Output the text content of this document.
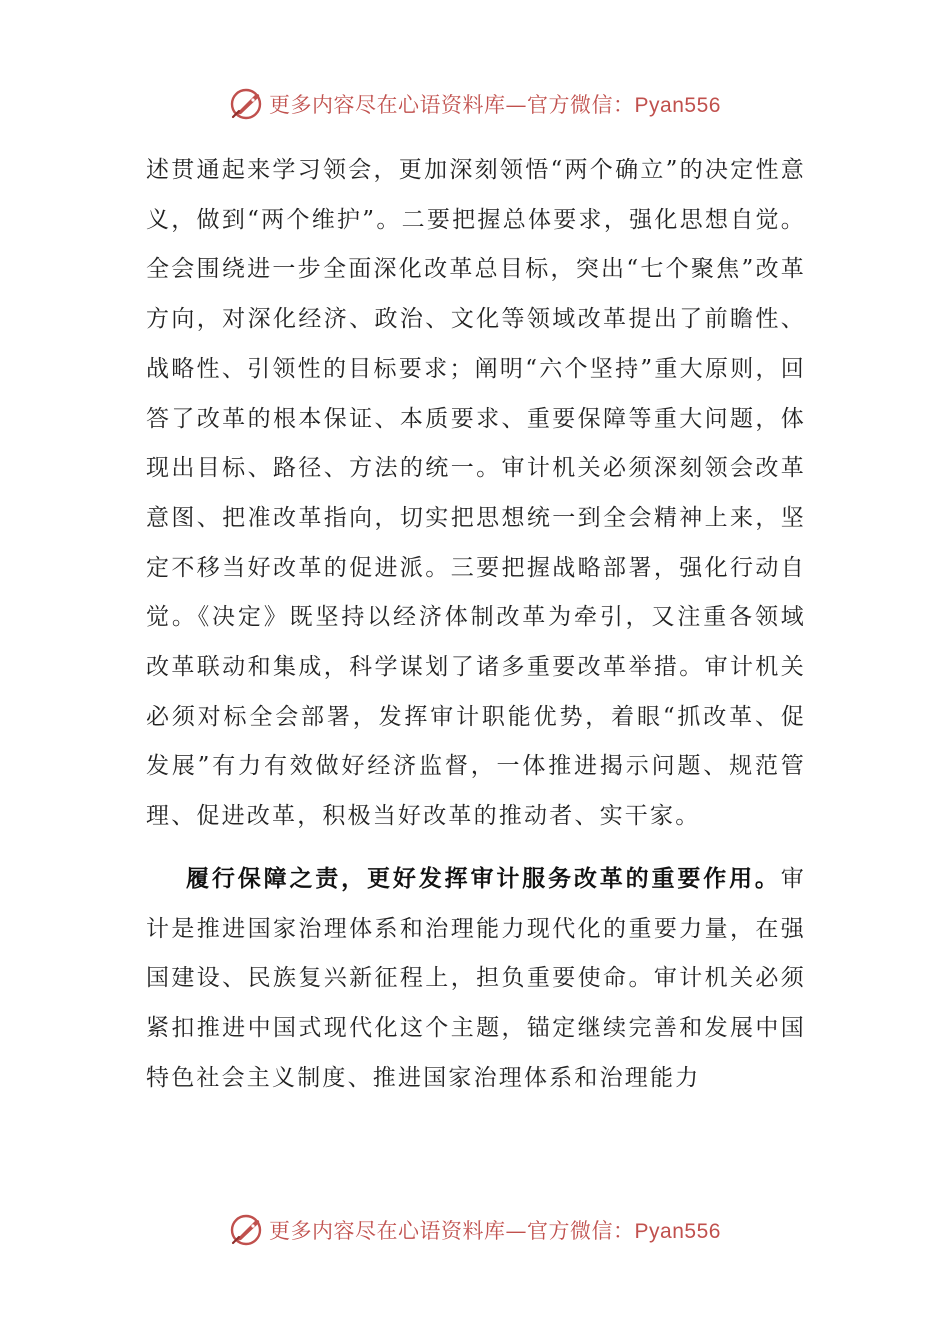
更多内容尽在心语资料库—官方微信：Pyan556

述贯通起来学习领会，更加深刻领悟“两个确立”的决定性意义，做到“两个维护”。二要把握总体要求，强化思想自觉。全会围绕进一步全面深化改革总目标，突出“七个聚焦”改革方向，对深化经济、政治、文化等领域改革提出了前瞻性、战略性、引领性的目标要求；阐明“六个坚持”重大原则，回答了改革的根本保证、本质要求、重要保障等重大问题，体现出目标、路径、方法的统一。审计机关必须深刻领会改革意图、把准改革指向，切实把思想统一到全会精神上来，坚定不移当好改革的促进派。三要把握战略部署，强化行动自觉。《决定》既坚持以经济体制改革为牵引，又注重各领域改革联动和集成，科学谋划了诸多重要改革举措。审计机关必须对标全会部署，发挥审计职能优势，着眼“抓改革、促发展”有力有效做好经济监督，一体推进揭示问题、规范管理、促进改革，积极当好改革的推动者、实干家。

履行保障之责，更好发挥审计服务改革的重要作用。审计是推进国家治理体系和治理能力现代化的重要力量，在强国建设、民族复兴新征程上，担负重要使命。审计机关必须紧扣推进中国式现代化这个主题，锚定继续完善和发展中国特色社会主义制度、推进国家治理体系和治理能力

更多内容尽在心语资料库—官方微信：Pyan556
